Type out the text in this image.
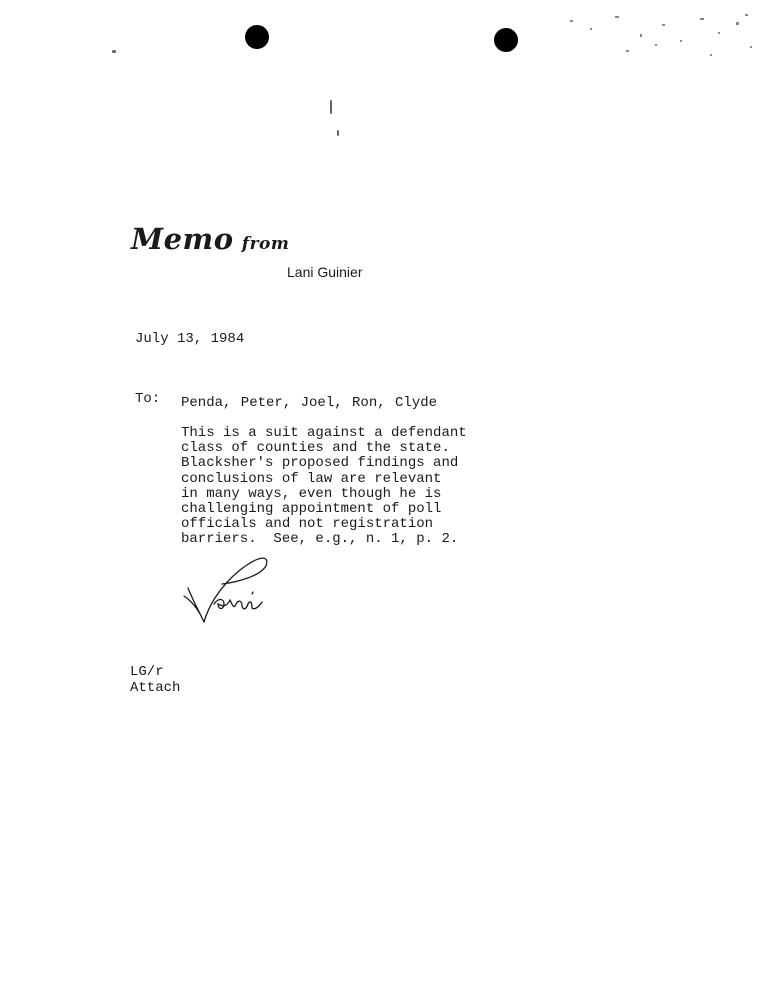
Memo from
Lani Guinier
July 13, 1984
To: Penda, Peter, Joel, Ron, Clyde
This is a suit against a defendant
class of counties and the state.
Blacksher's proposed findings and
conclusions of law are relevant
in many ways, even though he is
challenging appointment of poll
officials and not registration
barriers.  See, e.g., n. 1, p. 2.
LG/r
Attach
